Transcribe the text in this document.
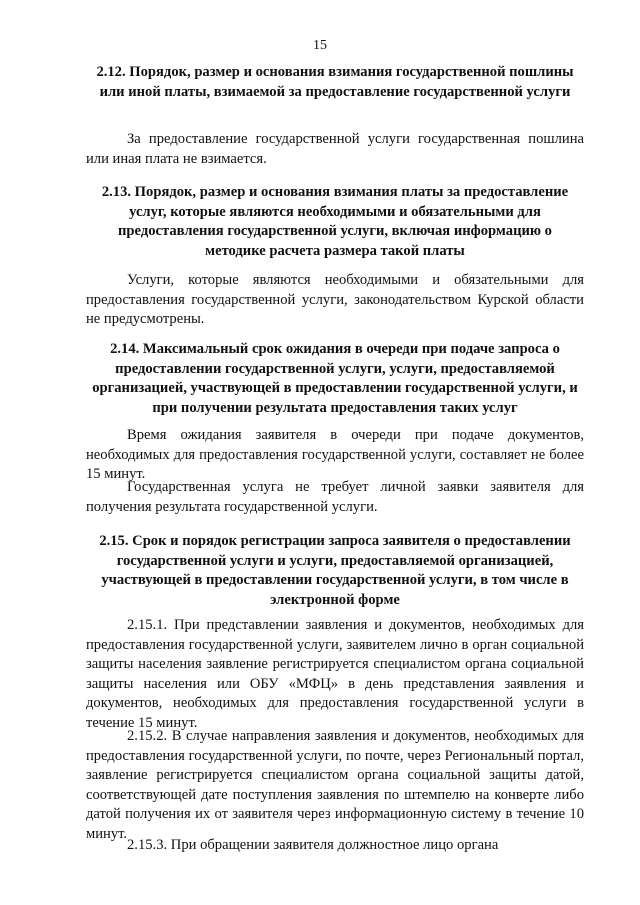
15
2.12. Порядок, размер и основания взимания государственной пошлины или иной платы, взимаемой за предоставление государственной услуги
За предоставление государственной услуги государственная пошлина или иная плата не взимается.
2.13. Порядок, размер и основания взимания платы за предоставление услуг, которые являются необходимыми и обязательными для предоставления государственной услуги, включая информацию о методике расчета размера такой платы
Услуги, которые являются необходимыми и обязательными для предоставления государственной услуги, законодательством Курской области не предусмотрены.
2.14. Максимальный срок ожидания в очереди при подаче запроса о предоставлении государственной услуги, услуги, предоставляемой организацией, участвующей в предоставлении государственной услуги, и при получении результата предоставления таких услуг
Время ожидания заявителя в очереди при подаче документов, необходимых для предоставления государственной услуги, составляет не более 15 минут.
Государственная услуга не требует личной заявки заявителя для получения результата государственной услуги.
2.15. Срок и порядок регистрации запроса заявителя о предоставлении государственной услуги и услуги, предоставляемой организацией, участвующей в предоставлении государственной услуги, в том числе в электронной форме
2.15.1. При представлении заявления и документов, необходимых для предоставления государственной услуги, заявителем лично в орган социальной защиты населения заявление регистрируется специалистом органа социальной защиты населения или ОБУ «МФЦ» в день представления заявления и документов, необходимых для предоставления государственной услуги в течение 15 минут.
2.15.2. В случае направления заявления и документов, необходимых для предоставления государственной услуги, по почте, через Региональный портал, заявление регистрируется специалистом органа социальной защиты датой, соответствующей дате поступления заявления по штемпелю на конверте либо датой получения их от заявителя через информационную систему в течение 10 минут.
2.15.3. При обращении заявителя должностное лицо органа
